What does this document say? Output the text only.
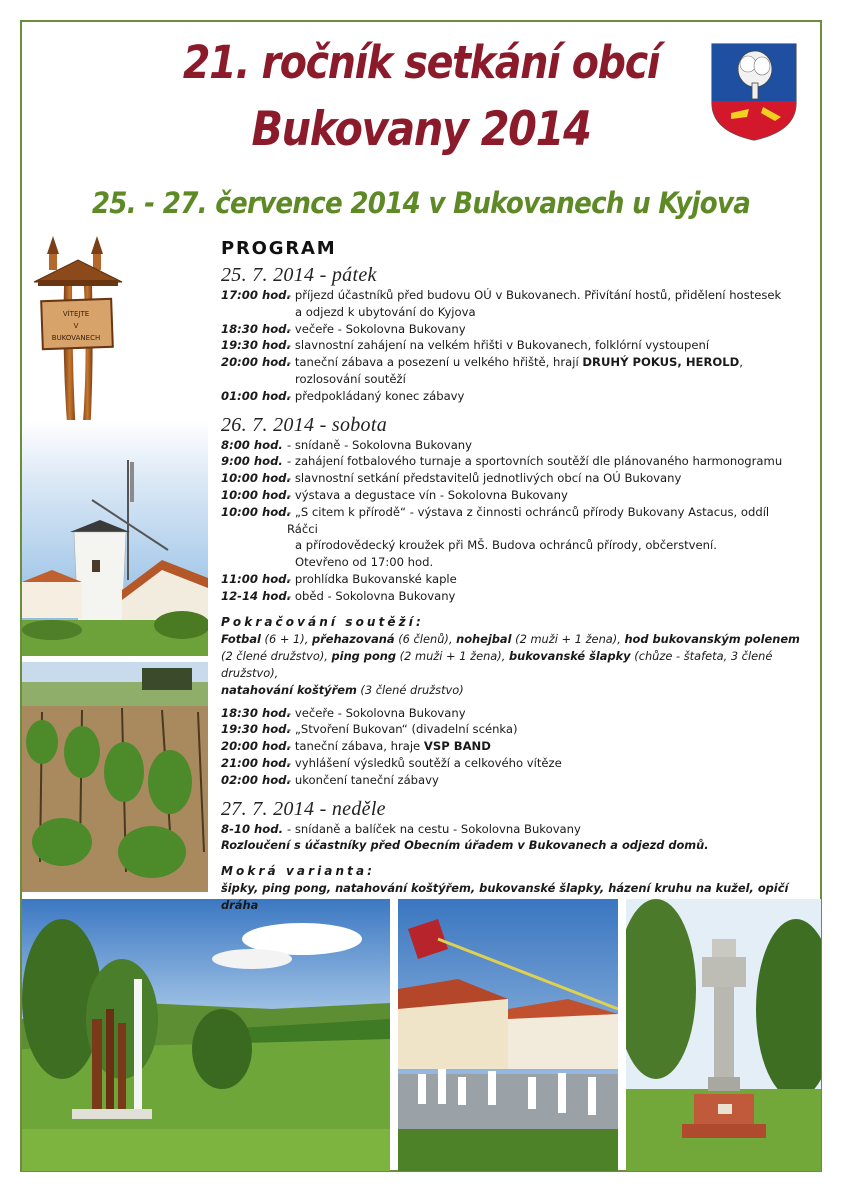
21. ročník setkání obcí
Bukovany 2014
25. - 27. července 2014 v Bukovanech u Kyjova
VÍTEJTE
V
BUKOVANECH
PROGRAM
25. 7. 2014 - pátek
17:00 hod.
- příjezd účastníků před budovu OÚ v Bukovanech. Přivítání hostů, přidělení hostesek
a odjezd k ubytování do Kyjova
18:30 hod.
- večeře - Sokolovna Bukovany
19:30 hod.
- slavnostní zahájení na velkém hřišti v Bukovanech, folklórní vystoupení
20:00 hod.
- taneční zábava a posezení u velkého hřiště, hrají DRUHÝ POKUS, HEROLD,
rozlosování soutěží
01:00 hod.
- předpokládaný konec zábavy
26. 7. 2014 - sobota
8:00 hod. - snídaně - Sokolovna Bukovany
9:00 hod. - zahájení fotbalového turnaje a sportovních soutěží dle plánovaného harmonogramu
10:00 hod.
- slavnostní setkání představitelů jednotlivých obcí na OÚ Bukovany
10:00 hod.
- výstava a degustace vín - Sokolovna Bukovany
10:00 hod.
- „S citem k přírodě“ - výstava z činnosti ochránců přírody Bukovany Astacus, oddíl Ráčci
a přírodovědecký kroužek při MŠ. Budova ochránců přírody, občerstvení.
Otevřeno od 17:00 hod.
11:00 hod.
- prohlídka Bukovanské kaple
12-14 hod.
- oběd - Sokolovna Bukovany
Pokračování soutěží:
Fotbal (6 + 1), přehazovaná (6 členů), nohejbal (2 muži + 1 žena), hod bukovanským polenem
(2 člené družstvo), ping pong (2 muži + 1 žena), bukovanské šlapky (chůze - štafeta, 3 člené družstvo),
natahování koštýřem (3 člené družstvo)
18:30 hod.
- večeře - Sokolovna Bukovany
19:30 hod.
- „Stvoření Bukovan“ (divadelní scénka)
20:00 hod.
- taneční zábava, hraje VSP BAND
21:00 hod.
- vyhlášení výsledků soutěží a celkového vítěze
02:00 hod.
- ukončení taneční zábavy
27. 7. 2014 - neděle
8-10 hod. - snídaně a balíček na cestu - Sokolovna Bukovany
Rozloučení s účastníky před Obecním úřadem v Bukovanech a odjezd domů.
Mokrá varianta:
šipky, ping pong, natahování koštýřem, bukovanské šlapky, házení kruhu na kužel, opičí dráha
